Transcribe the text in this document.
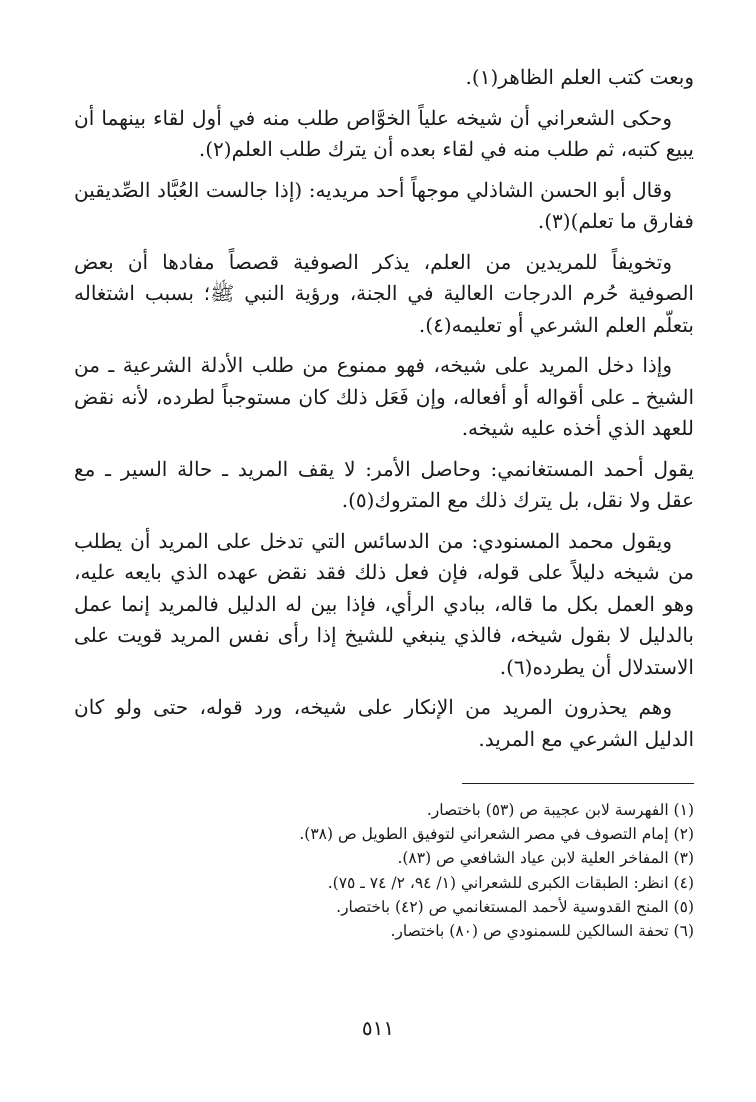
وبعت كتب العلم الظاهر(١).

وحكى الشعراني أن شيخه علياً الخوَّاص طلب منه في أول لقاء بينهما أن يبيع كتبه، ثم طلب منه في لقاء بعده أن يترك طلب العلم(٢).

وقال أبو الحسن الشاذلي موجهاً أحد مريديه: (إذا جالست العُبَّاد الصِّديقين ففارق ما تعلم)(٣).

وتخويفاً للمريدين من العلم، يذكر الصوفية قصصاً مفادها أن بعض الصوفية حُرم الدرجات العالية في الجنة، ورؤية النبي ﷺ؛ بسبب اشتغاله بتعلّم العلم الشرعي أو تعليمه(٤).

وإذا دخل المريد على شيخه، فهو ممنوع من طلب الأدلة الشرعية ـ من الشيخ ـ على أقواله أو أفعاله، وإن فَعَل ذلك كان مستوجباً لطرده، لأنه نقض للعهد الذي أخذه عليه شيخه.

يقول أحمد المستغانمي: وحاصل الأمر: لا يقف المريد ـ حالة السير ـ مع عقل ولا نقل، بل يترك ذلك مع المتروك(٥).

ويقول محمد المسنودي: من الدسائس التي تدخل على المريد أن يطلب من شيخه دليلاً على قوله، فإن فعل ذلك فقد نقض عهده الذي بايعه عليه، وهو العمل بكل ما قاله، ببادي الرأي، فإذا بين له الدليل فالمريد إنما عمل بالدليل لا بقول شيخه، فالذي ينبغي للشيخ إذا رأى نفس المريد قويت على الاستدلال أن يطرده(٦).

وهم يحذرون المريد من الإنكار على شيخه، ورد قوله، حتى ولو كان الدليل الشرعي مع المريد.

(١) الفهرسة لابن عجيبة ص (٥٣) باختصار.

(٢) إمام التصوف في مصر الشعراني لتوفيق الطويل ص (٣٨).

(٣) المفاخر العلية لابن عياد الشافعي ص (٨٣).

(٤) انظر: الطبقات الكبرى للشعراني (١/ ٩٤، ٢/ ٧٤ ـ ٧٥).

(٥) المنح القدوسية لأحمد المستغانمي ص (٤٢) باختصار.

(٦) تحفة السالكين للسمنودي ص (٨٠) باختصار.

٥١١
